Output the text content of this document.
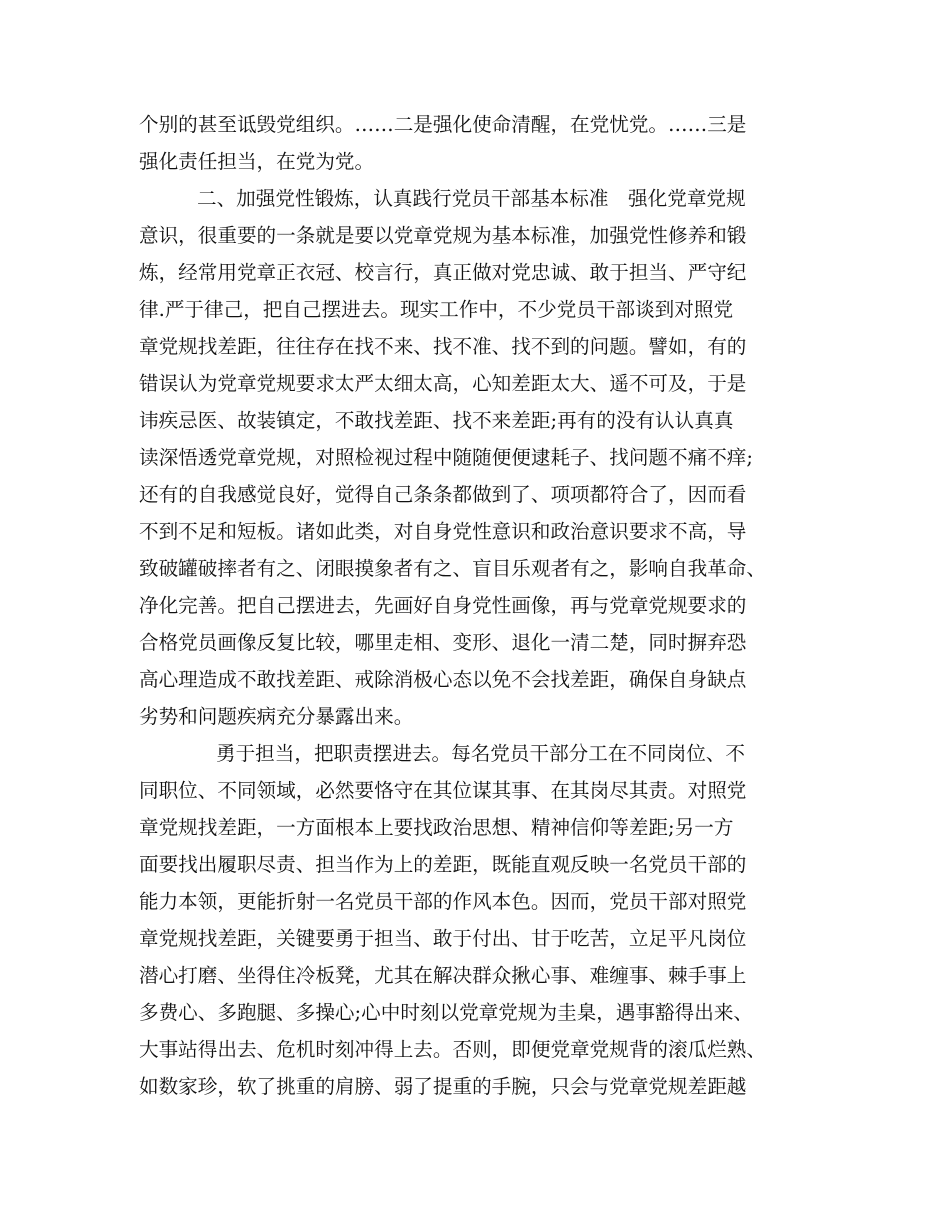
个别的甚至诋毁党组织。……二是强化使命清醒，在党忧党。……三是
强化责任担当，在党为党。
二、加强党性锻炼，认真践行党员干部基本标准　强化党章党规
意识，很重要的一条就是要以党章党规为基本标准，加强党性修养和锻
炼，经常用党章正衣冠、校言行，真正做对党忠诚、敢于担当、严守纪
律.严于律己，把自己摆进去。现实工作中，不少党员干部谈到对照党
章党规找差距，往往存在找不来、找不准、找不到的问题。譬如，有的
错误认为党章党规要求太严太细太高，心知差距太大、遥不可及，于是
讳疾忌医、故装镇定，不敢找差距、找不来差距;再有的没有认认真真
读深悟透党章党规，对照检视过程中随随便便逮耗子、找问题不痛不痒;
还有的自我感觉良好，觉得自己条条都做到了、项项都符合了，因而看
不到不足和短板。诸如此类，对自身党性意识和政治意识要求不高，导
致破罐破摔者有之、闭眼摸象者有之、盲目乐观者有之，影响自我革命、
净化完善。把自己摆进去，先画好自身党性画像，再与党章党规要求的
合格党员画像反复比较，哪里走相、变形、退化一清二楚，同时摒弃恐
高心理造成不敢找差距、戒除消极心态以免不会找差距，确保自身缺点
劣势和问题疾病充分暴露出来。
勇于担当，把职责摆进去。每名党员干部分工在不同岗位、不
同职位、不同领域，必然要恪守在其位谋其事、在其岗尽其责。对照党
章党规找差距，一方面根本上要找政治思想、精神信仰等差距;另一方
面要找出履职尽责、担当作为上的差距，既能直观反映一名党员干部的
能力本领，更能折射一名党员干部的作风本色。因而，党员干部对照党
章党规找差距，关键要勇于担当、敢于付出、甘于吃苦，立足平凡岗位
潜心打磨、坐得住冷板凳，尤其在解决群众揪心事、难缠事、棘手事上
多费心、多跑腿、多操心;心中时刻以党章党规为圭臬，遇事豁得出来、
大事站得出去、危机时刻冲得上去。否则，即便党章党规背的滚瓜烂熟、
如数家珍，软了挑重的肩膀、弱了提重的手腕，只会与党章党规差距越
